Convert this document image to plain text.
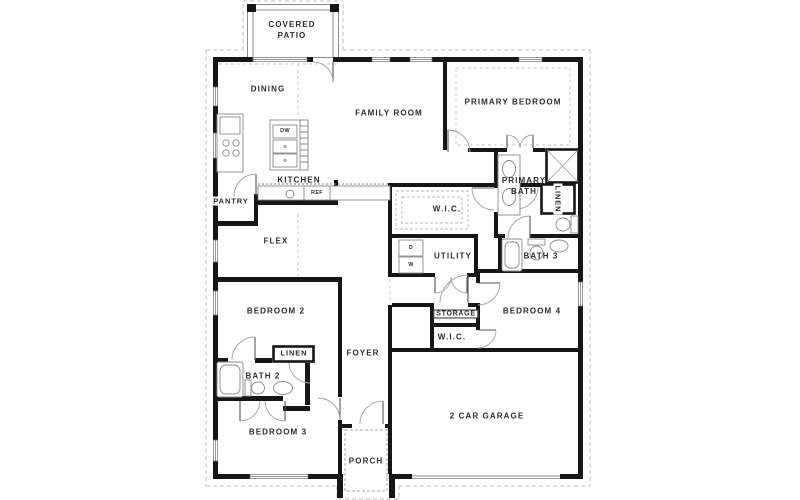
COVERED PATIO
DINING
FAMILY ROOM
KITCHEN
PANTRY
PRIMARY BEDROOM
PRIMARY BATH	LINEN
W.I.C.
UTILITY	BATH 3
FLEX
BEDROOM 2
LINEN
STORAGE
W.I.C.
BEDROOM 4
FOYER
BATH 2
BEDROOM 3
2 CAR GARAGE
PORCH
DW
REF
D
W
